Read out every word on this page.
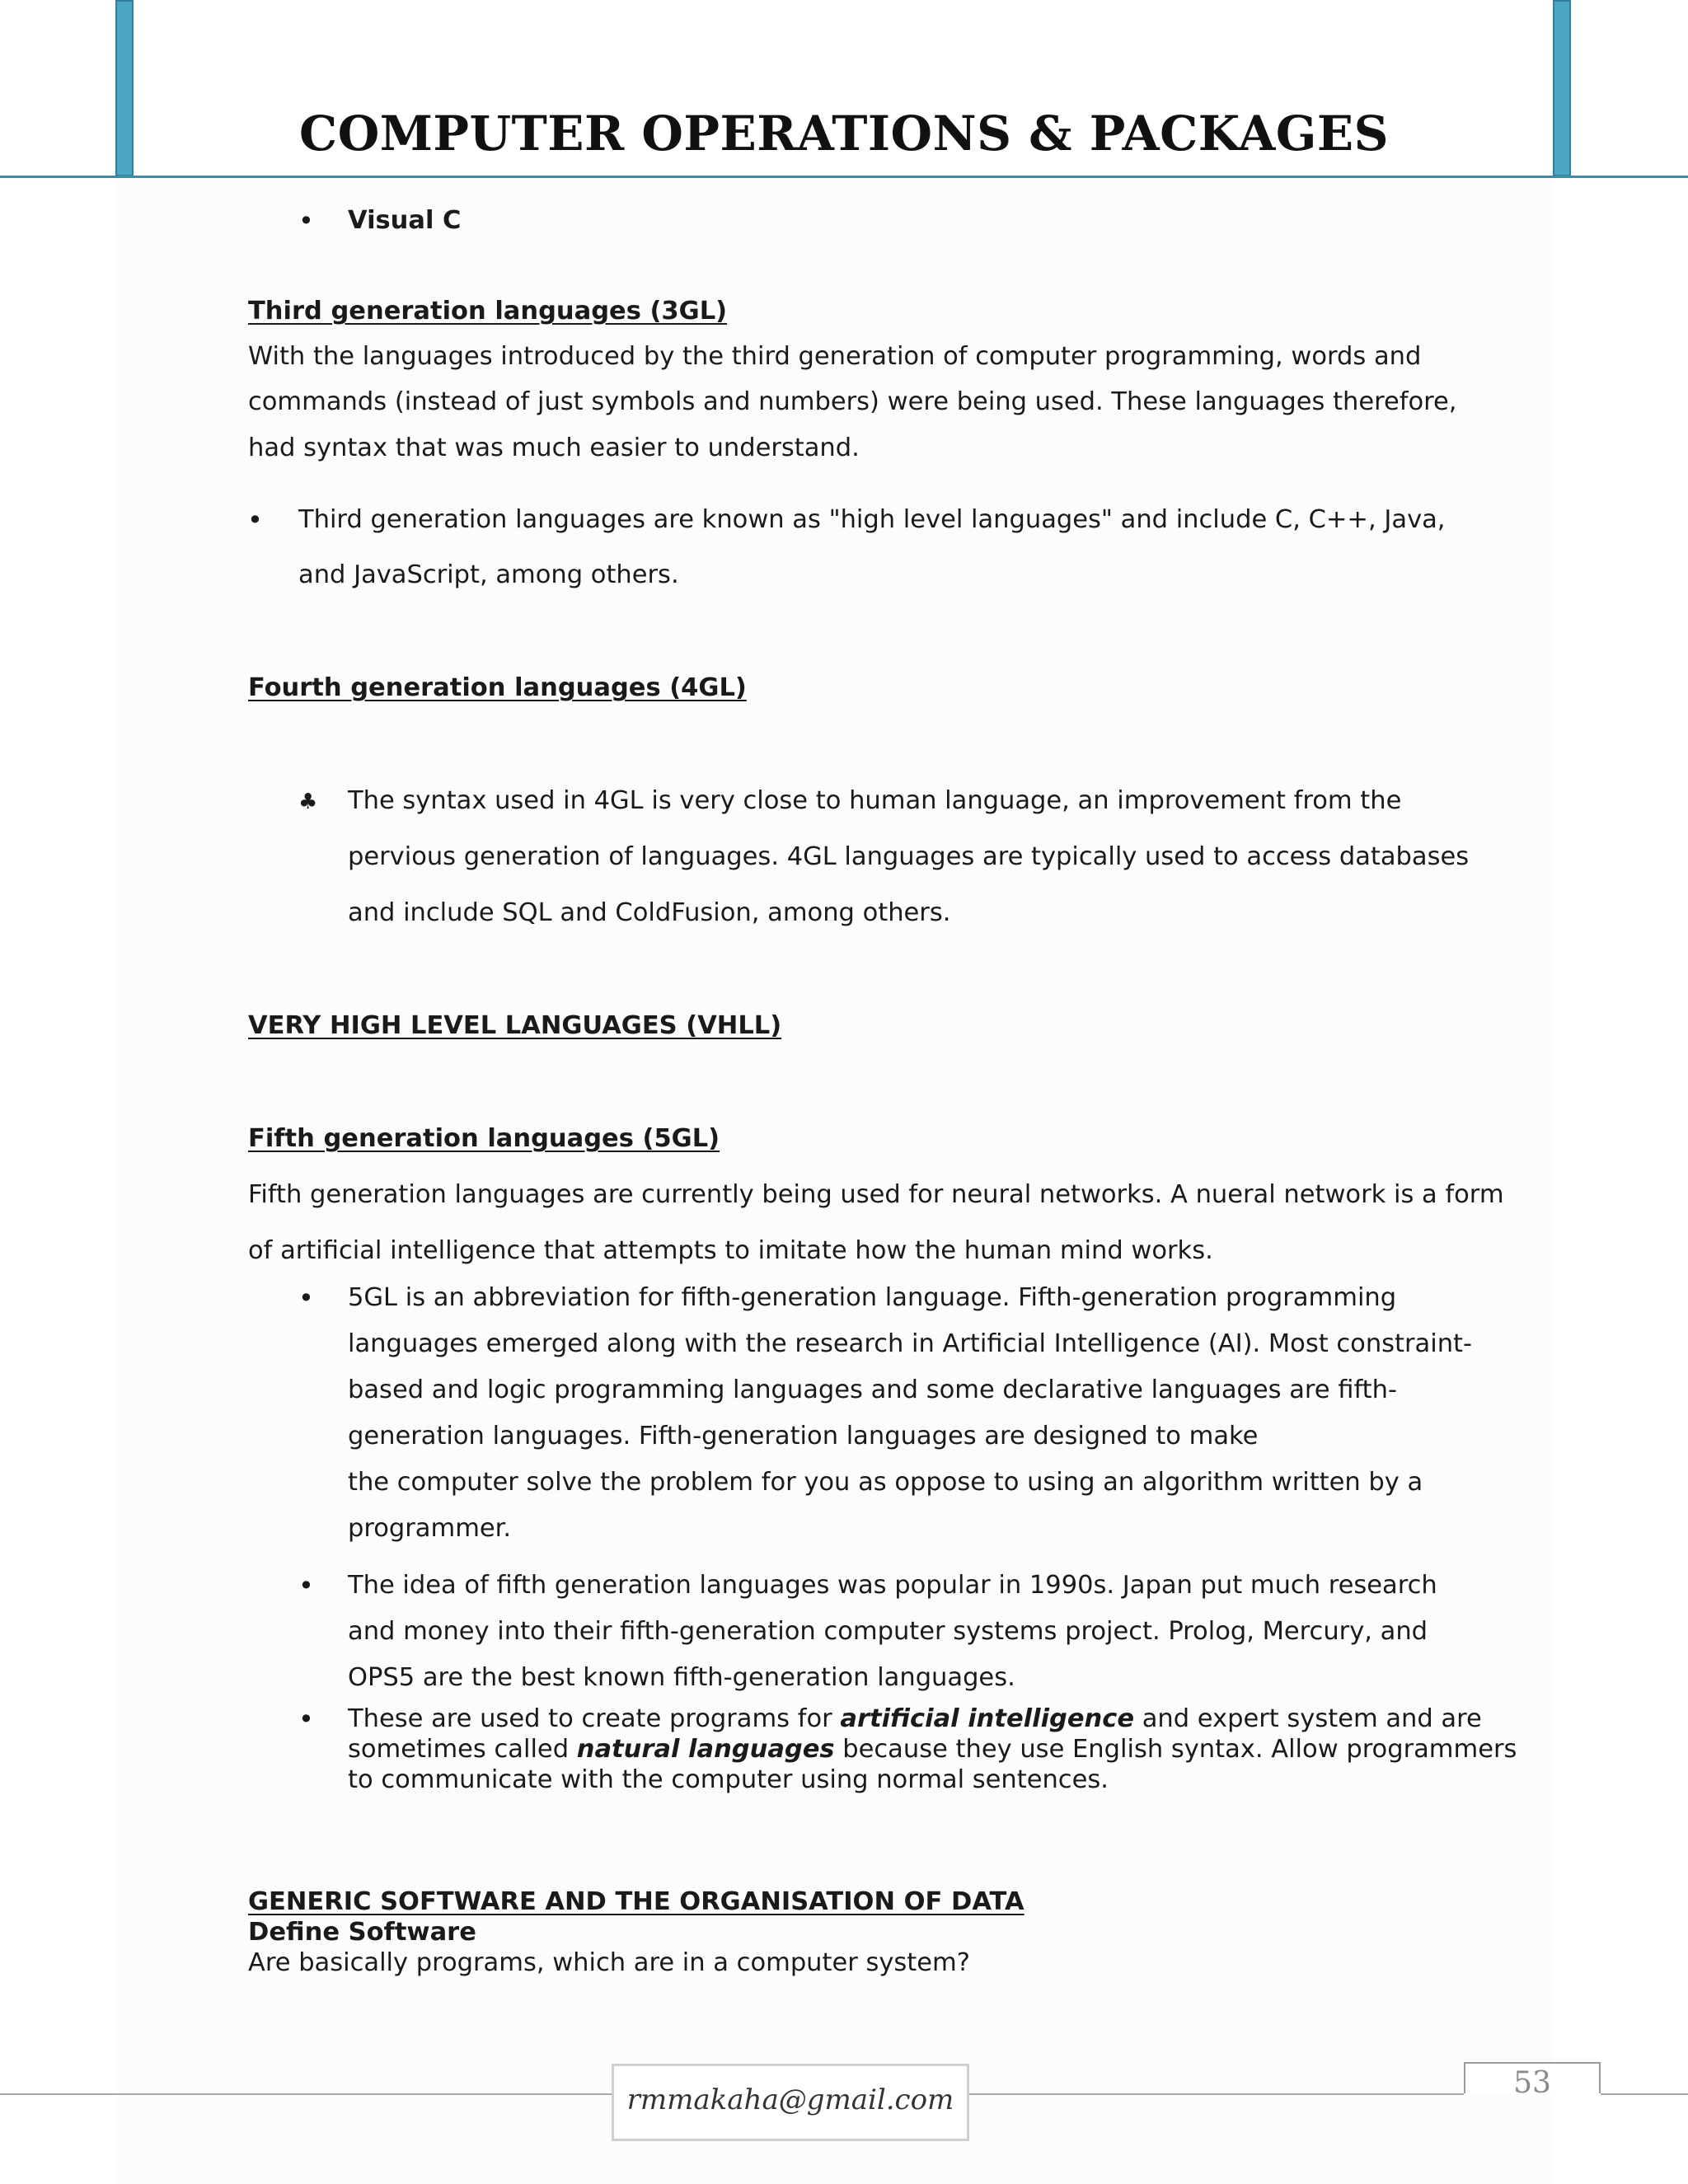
COMPUTER OPERATIONS & PACKAGES
• Visual C
Third generation languages (3GL)
With the languages introduced by the third generation of computer programming, words and
commands (instead of just symbols and numbers) were being used. These languages therefore,
had syntax that was much easier to understand.
• Third generation languages are known as "high level languages" and include C, C++, Java,
and JavaScript, among others.
Fourth generation languages (4GL)
♣ The syntax used in 4GL is very close to human language, an improvement from the
pervious generation of languages. 4GL languages are typically used to access databases
and include SQL and ColdFusion, among others.
VERY HIGH LEVEL LANGUAGES (VHLL)
Fifth generation languages (5GL)
Fifth generation languages are currently being used for neural networks. A nueral network is a form
of artificial intelligence that attempts to imitate how the human mind works.
• 5GL is an abbreviation for fifth-generation language. Fifth-generation programming
languages emerged along with the research in Artificial Intelligence (AI). Most constraint-
based and logic programming languages and some declarative languages are fifth-
generation languages. Fifth-generation languages are designed to make
the computer solve the problem for you as oppose to using an algorithm written by a
programmer.
• The idea of fifth generation languages was popular in 1990s. Japan put much research
and money into their fifth-generation computer systems project. Prolog, Mercury, and
OPS5 are the best known fifth-generation languages.
• These are used to create programs for artificial intelligence and expert system and are
sometimes called natural languages because they use English syntax. Allow programmers
to communicate with the computer using normal sentences.
GENERIC SOFTWARE AND THE ORGANISATION OF DATA
Define Software
Are basically programs, which are in a computer system?
rmmakaha@gmail.com	53
